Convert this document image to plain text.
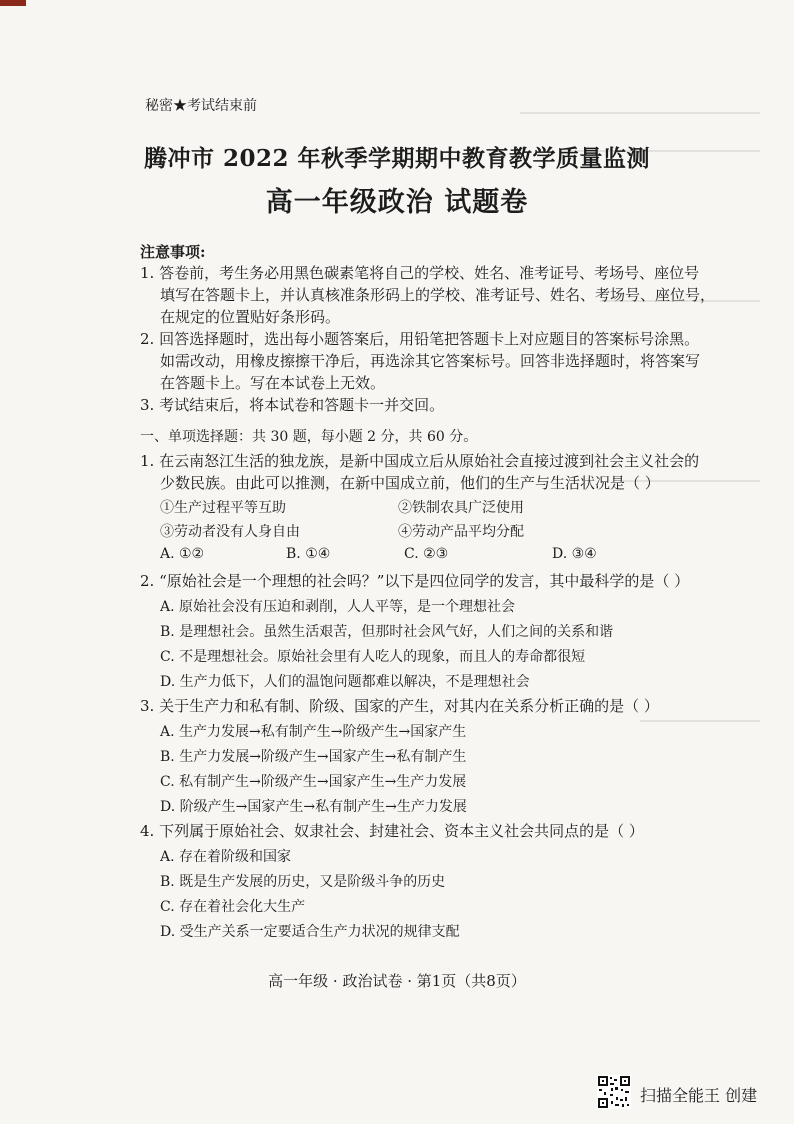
秘密★考试结束前
腾冲市 2022 年秋季学期期中教育教学质量监测
高一年级政治 试题卷
注意事项:
1. 答卷前，考生务必用黑色碳素笔将自己的学校、姓名、准考证号、考场号、座位号
填写在答题卡上，并认真核准条形码上的学校、准考证号、姓名、考场号、座位号，
在规定的位置贴好条形码。
2. 回答选择题时，选出每小题答案后，用铅笔把答题卡上对应题目的答案标号涂黑。
如需改动，用橡皮擦擦干净后，再选涂其它答案标号。回答非选择题时，将答案写
在答题卡上。写在本试卷上无效。
3. 考试结束后，将本试卷和答题卡一并交回。
一、单项选择题：共 30 题，每小题 2 分，共 60 分。
1. 在云南怒江生活的独龙族，是新中国成立后从原始社会直接过渡到社会主义社会的
少数民族。由此可以推测，在新中国成立前，他们的生产与生活状况是（ ）
①生产过程平等互助	②铁制农具广泛使用
③劳动者没有人身自由	④劳动产品平均分配
A. ①②	B. ①④	C. ②③	D. ③④
2. “原始社会是一个理想的社会吗？”以下是四位同学的发言，其中最科学的是（ ）
A. 原始社会没有压迫和剥削，人人平等，是一个理想社会
B. 是理想社会。虽然生活艰苦，但那时社会风气好，人们之间的关系和谐
C. 不是理想社会。原始社会里有人吃人的现象，而且人的寿命都很短
D. 生产力低下，人们的温饱问题都难以解决，不是理想社会
3. 关于生产力和私有制、阶级、国家的产生，对其内在关系分析正确的是（ ）
A. 生产力发展→私有制产生→阶级产生→国家产生
B. 生产力发展→阶级产生→国家产生→私有制产生
C. 私有制产生→阶级产生→国家产生→生产力发展
D. 阶级产生→国家产生→私有制产生→生产力发展
4. 下列属于原始社会、奴隶社会、封建社会、资本主义社会共同点的是（ ）
A. 存在着阶级和国家
B. 既是生产发展的历史，又是阶级斗争的历史
C. 存在着社会化大生产
D. 受生产关系一定要适合生产力状况的规律支配
高一年级 · 政治试卷 · 第1页（共8页）
扫描全能王 创建
